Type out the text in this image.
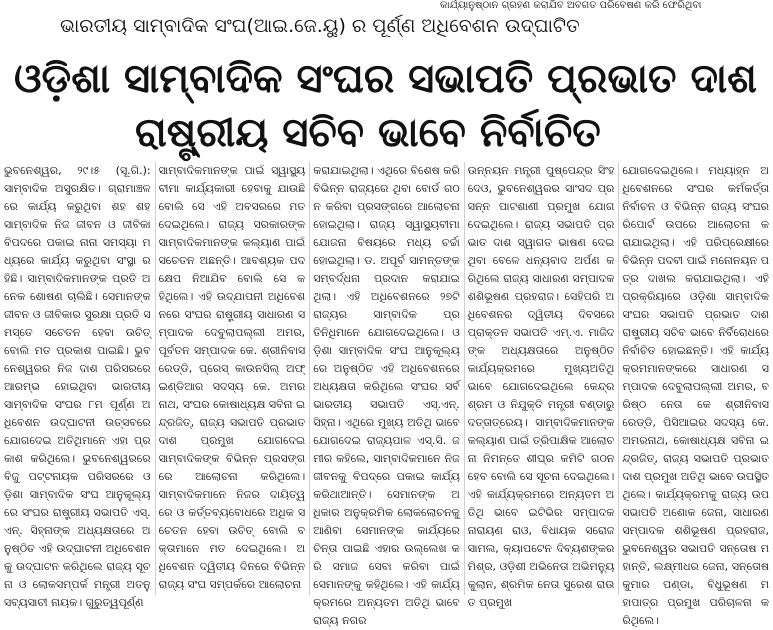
କାର୍ଯ୍ୟାନୁଷ୍ଠାନ ଗ୍ରହଣ କରାଯିବ ଅବଗତ ପରିବେଷଣ କରି ଫେରିଥିବା
ଭାରତୀୟ ସାମ୍ବାଦିକ ସଂଘ(ଆଇ.ଜେ.ୟୁ) ର ପୂର୍ଣ୍ଣ ଅଧିବେଶନ ଉଦ୍‌ଘାଟିତ
ଓଡ଼ିଶା ସାମ୍ବାଦିକ ସଂଘର ସଭାପତି ପ୍ରଭାତ ଦାଶ
ରାଷ୍ଟ୍ରୀୟ ସଚିବ ଭାବେ ନିର୍ବାଚିତ

ଭୁବନେଶ୍ୱର, ୨୯।୫ (ସୂ.ଗି.):ସାମ୍ବାଦିକ ଅସୁରକ୍ଷିତ। ଗ୍ରାମାଞ୍ଚଳରେ କାର୍ଯ୍ୟ କରୁଥିବା ଶହ ଶହ ସାମ୍ବାଦିକ ନିଜ ଜୀବନ ଓ ଜୀବିକା ବିପଦରେ ପକାଇ ନାନା ସମସ୍ୟା ମଧ୍ୟରେ କାର୍ଯ୍ୟ କରୁଥିବା ସଂସ୍ଥା ରହିଛି। ସାମ୍ବାଦିକମାନଙ୍କ ପ୍ରତି ଅନେକ ଶୋଷଣ ଚାଲିଛି। ସେମାନଙ୍କ ଜୀବନ ଓ ଜୀବିକାର ସୁରକ୍ଷା ପ୍ରତି ସମସ୍ତେ ସଚେତନ ହେବା ଉଚିତ୍ ବୋଲି ମତ ପ୍ରକାଶ ପାଇଛି। ଭୁବନେଶ୍ୱରର ନିଜ ଦାଶ ପରିସରରେ ଆରମ୍ଭ ହୋଇଥିବା ଭାରତୀୟ ସାମ୍ବାଦିକ ସଂଘର ୮ମ ପୂର୍ଣ୍ଣ ଅଧିବେଶନ ଉଦ୍‌ଘାଟନୀ ଉତ୍ସବରେ ଯୋଗଦେଇ ଅତିଥିମାନେ ଏହା ପ୍ରକାଶ କରିଥିଲେ। ଭୁବନେଶ୍ୱରରେ ବିଜୁ ପଟ୍ଟନାୟକ ପରିସରରେ ଓଡ଼ିଶା ସାମ୍ବାଦିକ ସଂଘ ଆନୁକୂଲ୍ୟରେ ସଂଘର ରାଷ୍ଟ୍ରୀୟ ସଭାପତି ଏସ୍. ଏନ୍. ସିହ୍ନାଙ୍କ ଅଧ୍ୟକ୍ଷତାରେ ଅନୁଷ୍ଠିତ ଏହି ଉଦ୍‌ଘାଟନୀ ଅଧିବେଶନକୁ ଉଦ୍‌ଘାଟନ କରିଥିଲେ ରାଜ୍ୟ ସୂଚନା ଓ ଲୋକସମ୍ପର୍କ ମନ୍ତ୍ରୀ ଅତନୁ ସବ୍ୟସାଚୀ ନାୟକ। ଗୁରୁତ୍ୱପୂର୍ଣ୍ଣ

ସାମ୍ବାଦିକମାନଙ୍କ ପାଇଁ ସ୍ୱାସ୍ଥ୍ୟବୀମା କାର୍ଯ୍ୟକାରୀ ହେବାକୁ ଯାଉଛି ବୋଲି ସେ ଏହି ଅବସରରେ ମତ ଦେଇଥିଲେ। ରାଜ୍ୟ ସରକାରଙ୍କ ସାମ୍ବାଦିକମାନଙ୍କ କଲ୍ୟାଣ ପାଇଁ ସଚେତନ ଅଛନ୍ତି। ଆବଶ୍ୟକ ପଦକ୍ଷେପ ନିଆଯିବ ବୋଲି ସେ କହିଥିଲେ। ଏହି ଉଦ୍‌ଯାପନୀ ଅଧିବେଶନରେ ସଂଘର ରାଷ୍ଟ୍ରୀୟ ସାଧାରଣ ସମ୍ପାଦକ ଦେବୁଲାପଲ୍ଲୀ ଅମର, ପୂର୍ବତନ ସମ୍ପାଦକ କେ. ଶ୍ରୀନିବାସ ରେଡ୍ଡି, ପ୍ରେସ୍ କାଉନସିଲ୍ ଅଫ୍ ଇଣ୍ଡିଆର ସଦସ୍ୟ କେ. ଅମରନାଥ, ସଂଘର କୋଷାଧ୍ୟକ୍ଷ ସବିନା ଇନ୍ଦ୍ରଜିତ୍, ରାଜ୍ୟ ସଭାପତି ପ୍ରଭାତ ଦାଶ ପ୍ରମୁଖ ଯୋଗଦେଇ ସାମ୍ବାଦିକଙ୍କ ବିଭିନ୍ନ ପ୍ରସଙ୍ଗରେ ଆଲୋଚନା କରିଥିଲେ। ସାମ୍ବାଦିକମାନେ ନିଜର ଦାୟିତ୍ୱରେ ଓ କର୍ତ୍ତବ୍ୟବୋଧରେ ଅଧିକ ସଚେତନ ହେବା ଉଚିତ୍ ବୋଲି ବକ୍ତାମାନେ ମତ ଦେଇଥିଲେ। ଅଧିବେଶନ ଦ୍ୱିତୀୟ ଦିନରେ ବିଭିନ୍ନ ରାଜ୍ୟ ସଂଘ ସମ୍ପର୍କରେ ଆଲୋଚନା

କରାଯାଇଥିଲା। ଏଥିରେ ବିଶେଷ କରି ବିଭିନ୍ନ ରାଜ୍ୟରେ ଥିବା ବୋର୍ଡ ଗଠନ କରିବା ପ୍ରସଙ୍ଗରେ ଆଲୋଚନା ହୋଇଥିଲା। ରାଜ୍ୟ ସ୍ୱାସ୍ଥ୍ୟବୀମା ଯୋଜନା ବିଷୟରେ ମଧ୍ୟ ଚର୍ଚ୍ଚା ହୋଇଥିଲା। ଡ. ଅପୂର୍ବ ସାମନ୍ତଙ୍କ ସମ୍ବର୍ଦ୍ଧନା ପ୍ରଦାନ କରାଯାଇଥିଲା। ଏହି ଅଧିବେଶନରେ ୨୭ଟି ରାଜ୍ୟର ସାମ୍ବାଦିକ ପ୍ରତିନିଧିମାନେ ଯୋଗଦେଇଥିଲେ। ଓଡ଼ିଶା ସାମ୍ବାଦିକ ସଂଘ ଆନୁକୂଲ୍ୟରେ ଅନୁଷ୍ଠିତ ଏହି ଅଧିବେଶନରେ ଅଧ୍ୟକ୍ଷତା କରିଥିଲେ ସଂଘର ସର୍ବଭାରତୀୟ ସଭାପତି ଏସ୍.ଏନ୍. ସିହ୍ନା। ଏଥିରେ ମୁଖ୍ୟ ଅତିଥି ଭାବେ ଯୋଗଦେଇ ରାଜ୍ୟପାଳ ଏସ୍.ସି. ଜମୀର କହିଲେ, ସାମ୍ବାଦିକମାନେ ନିଜ ଜୀବନକୁ ବିପଦ୍‌ରେ ପକାଇ କାର୍ଯ୍ୟ କରିଥାଆନ୍ତି। ସେମାନଙ୍କ ଅଧିକାର ଅନୁକ୍ରମିକ ଲୋକଲୋଚନକୁ ଆଣିବା ସେମାନଙ୍କ କାର୍ଯ୍ୟରେ ଚିନ୍ତା ପାଇଛି ଏହାର ଉଲ୍ଲେଖ କରି ସମାଜ ସେବା କରିବା ପାଇଁ ସେମାନଙ୍କୁ କହିଥିଲେ। ଏହି କାର୍ଯ୍ୟକ୍ରମରେ ଅନ୍ୟତମ ଅତିଥି ଭାବେ ରାଜ୍ୟ ନଗର

ଉନ୍ନୟନ ମନ୍ତ୍ରୀ ପୁଷ୍ପେନ୍ଦ୍ର ସିଂହଦେଓ, ଭୁବନେଶ୍ୱରର ସାଂସଦ ପ୍ରସନ୍ନ ପାଟଶାଣୀ ପ୍ରମୁଖ ଯୋଗଦେଇଥିଲେ। ରାଜ୍ୟ ସଭାପତି ପ୍ରଭାତ ଦାଶ ସ୍ୱାଗତ ଭାଷଣ ଦେଇଥିବା ବେଳେ ଧନ୍ୟବାଦ ଅର୍ପଣ କରିଥିଲେ ରାଜ୍ୟ ସାଧାରଣ ସମ୍ପାଦକ ଶଶିଭୂଷଣ ପ୍ରହରାଜ। ସେହିପରି ଅଧିବେଶନର ଦ୍ୱିତୀୟ ଦିବସରେ ପ୍ରାକ୍ତନ ସଭାପତି ଏମ୍.ଏ. ମାଜିଦଙ୍କ ଅଧ୍ୟକ୍ଷତାରେ ଅନୁଷ୍ଠିତ କାର୍ଯ୍ୟକ୍ରମରେ ମୁଖ୍ୟଅତିଥି ଭାବେ ଯୋଗଦେଇଥିଲେ କେନ୍ଦ୍ର ଶ୍ରମ ଓ ନିଯୁକ୍ତି ମନ୍ତ୍ରୀ ବଣ୍ଡାରୁ ଦତ୍ତାତ୍ରେୟ। ସାମ୍ବାଦିକମାନଙ୍କ କଲ୍ୟାଣ ପାଇଁ ତ୍ରିପାକ୍ଷିକ ଆଲୋଚନା ନିମନ୍ତେ ଶୀଘ୍ର କମିଟି ଗଠନ ହେବ ବୋଲି ସେ ସୂଚନା ଦେଇଥିଲେ। ଏହି କାର୍ଯ୍ୟକ୍ରମରେ ଅନ୍ୟତମ ଅତିଥି ଭାବେ ଇଟିଭିର ସମ୍ପାଦକ ନାରାୟଣ ରାଓ, ବିଧାୟକ ସରୋଜ ସାମଲ, କ୍ୟାପଟେନ ଦିବ୍ୟଶଙ୍କର ମିଶ୍ର, ଓଡ଼ିଶୀ ଅଭିନେତା ଅଭିମନ୍ୟୁ କୁଲାନ, ଶ୍ରମିକ ନେତା ସୁରେଶ ରାଉତ ପ୍ରମୁଖ

ଯୋଗଦେଇଥିଲେ। ମଧ୍ୟାହ୍ନ ଅଧିବେଶନରେ ସଂଘର କର୍ମକର୍ତ୍ତା ନିର୍ବାଚନ ଓ ବିଭିନ୍ନ ରାଜ୍ୟ ସଂଘର ରିପୋର୍ଟ ଉପରେ ଆଲୋଚନା କରାଯାଇଥିଲା। ଏହି ପରିପ୍ରେକ୍ଷୀରେ ବିଭିନ୍ନ ପଦବୀ ପାଇଁ ମନୋନୟନ ପତ୍ର ଦାଖଲ କରାଯାଇଥିଲା। ଏହି ପ୍ରକ୍ରିୟାରେ ଓଡ଼ିଶା ସାମ୍ବାଦିକ ସଂଘର ସଭାପତି ପ୍ରଭାତ ଦାଶ ରାଷ୍ଟ୍ରୀୟ ସଚିବ ଭାବେ ନିର୍ବିରୋଧରେ ନିର୍ବାଚିତ ହୋଇଛନ୍ତି। ଏହି କାର୍ଯ୍ୟକ୍ରମମାନଙ୍କରେ ସାଧାରଣ ସମ୍ପାଦକ ଦେବୁଲାପଲ୍ଲୀ ଅମର, ବରିଷ୍ଠ ନେତା କେ ଶ୍ରୀନିବାସ ରେଡ୍ଡି, ପିସିଆଇର ସଦସ୍ୟ କେ. ଅମରନାଥ, କୋଷାଧ୍ୟକ୍ଷ ସବିନା ଇନ୍ଦ୍ରଜିତ୍, ରାଜ୍ୟ ସଭାପତି ପ୍ରଭାତ ଦାଶ ପ୍ରମୁଖ ଅତିଥି ଭାବେ ଉପସ୍ଥିତ ଥିଲେ। କାର୍ଯ୍ୟକ୍ରମକୁ ରାଜ୍ୟ ଉପସଭାପତି ଅଶୋକ ଜେନା, ସାଧାରଣ ସମ୍ପାଦକ ଶଶିଭୂଷଣ ପ୍ରହରାଜ, ଭୁବନେଶ୍ୱର ସଭାପତି ସନ୍ତୋଷ ମହାନ୍ତି, ଲକ୍ଷ୍ମୀଧର ଜେନା, ସନ୍ତୋଷକୁମାର ପଣ୍ଡା, ବିଧୁଭୂଷଣ ମହାପାତ୍ର ପ୍ରମୁଖ ପରିଚାଳନା କରିଥିଲେ।
